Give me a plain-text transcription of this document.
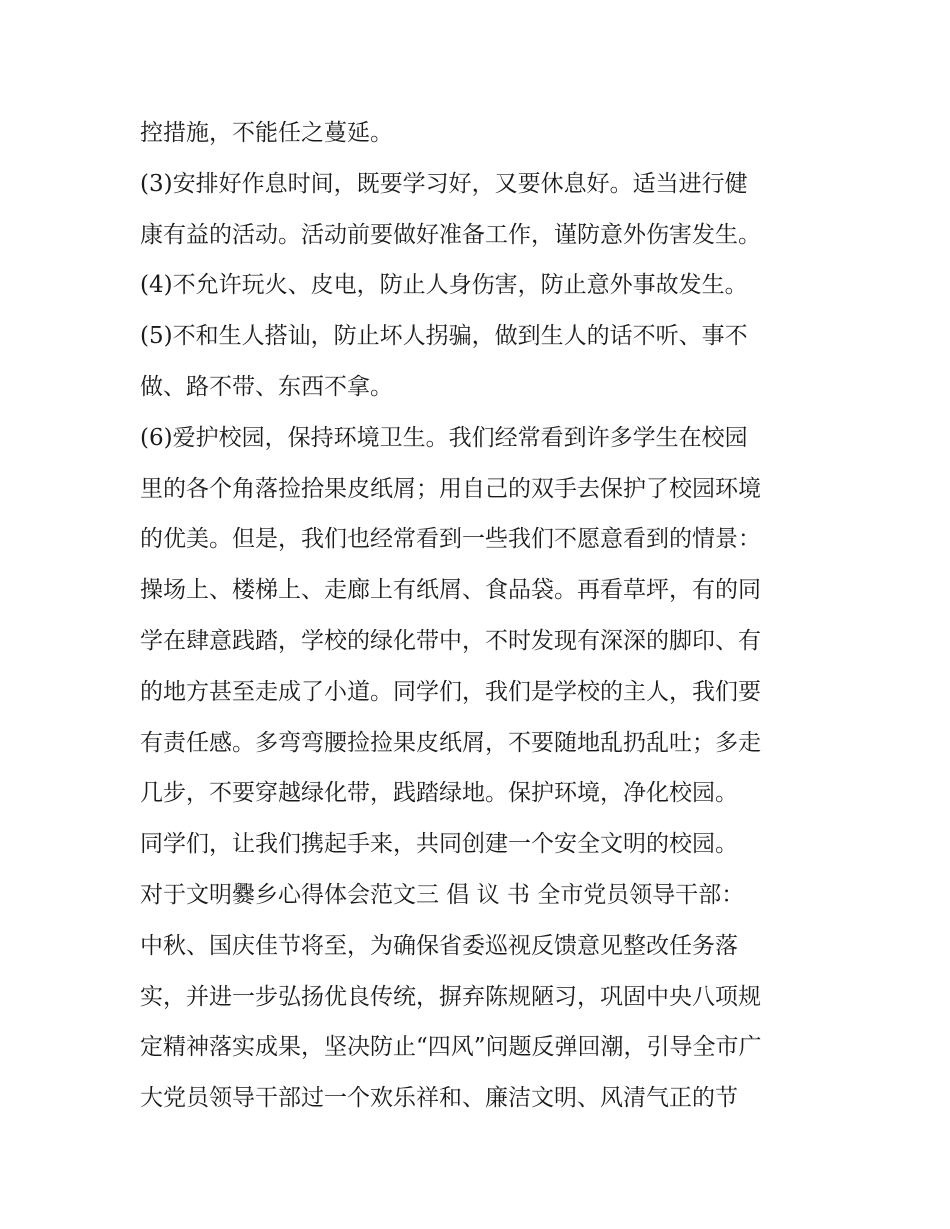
控措施，不能任之蔓延。
(3)安排好作息时间，既要学习好，又要休息好。适当进行健
康有益的活动。活动前要做好准备工作，谨防意外伤害发生。
(4)不允许玩火、皮电，防止人身伤害，防止意外事故发生。
(5)不和生人搭讪，防止坏人拐骗，做到生人的话不听、事不
做、路不带、东西不拿。
(6)爱护校园，保持环境卫生。我们经常看到许多学生在校园
里的各个角落捡拾果皮纸屑；用自己的双手去保护了校园环境
的优美。但是，我们也经常看到一些我们不愿意看到的情景：
操场上、楼梯上、走廊上有纸屑、食品袋。再看草坪，有的同
学在肆意践踏，学校的绿化带中，不时发现有深深的脚印、有
的地方甚至走成了小道。同学们，我们是学校的主人，我们要
有责任感。多弯弯腰捡捡果皮纸屑，不要随地乱扔乱吐；多走
几步，不要穿越绿化带，践踏绿地。保护环境，净化校园。
同学们，让我们携起手来，共同创建一个安全文明的校园。
对于文明爨乡心得体会范文三 倡 议 书 全市党员领导干部：
中秋、国庆佳节将至，为确保省委巡视反馈意见整改任务落
实，并进一步弘扬优良传统，摒弃陈规陋习，巩固中央八项规
定精神落实成果，坚决防止“四风”问题反弹回潮，引导全市广
大党员领导干部过一个欢乐祥和、廉洁文明、风清气正的节
